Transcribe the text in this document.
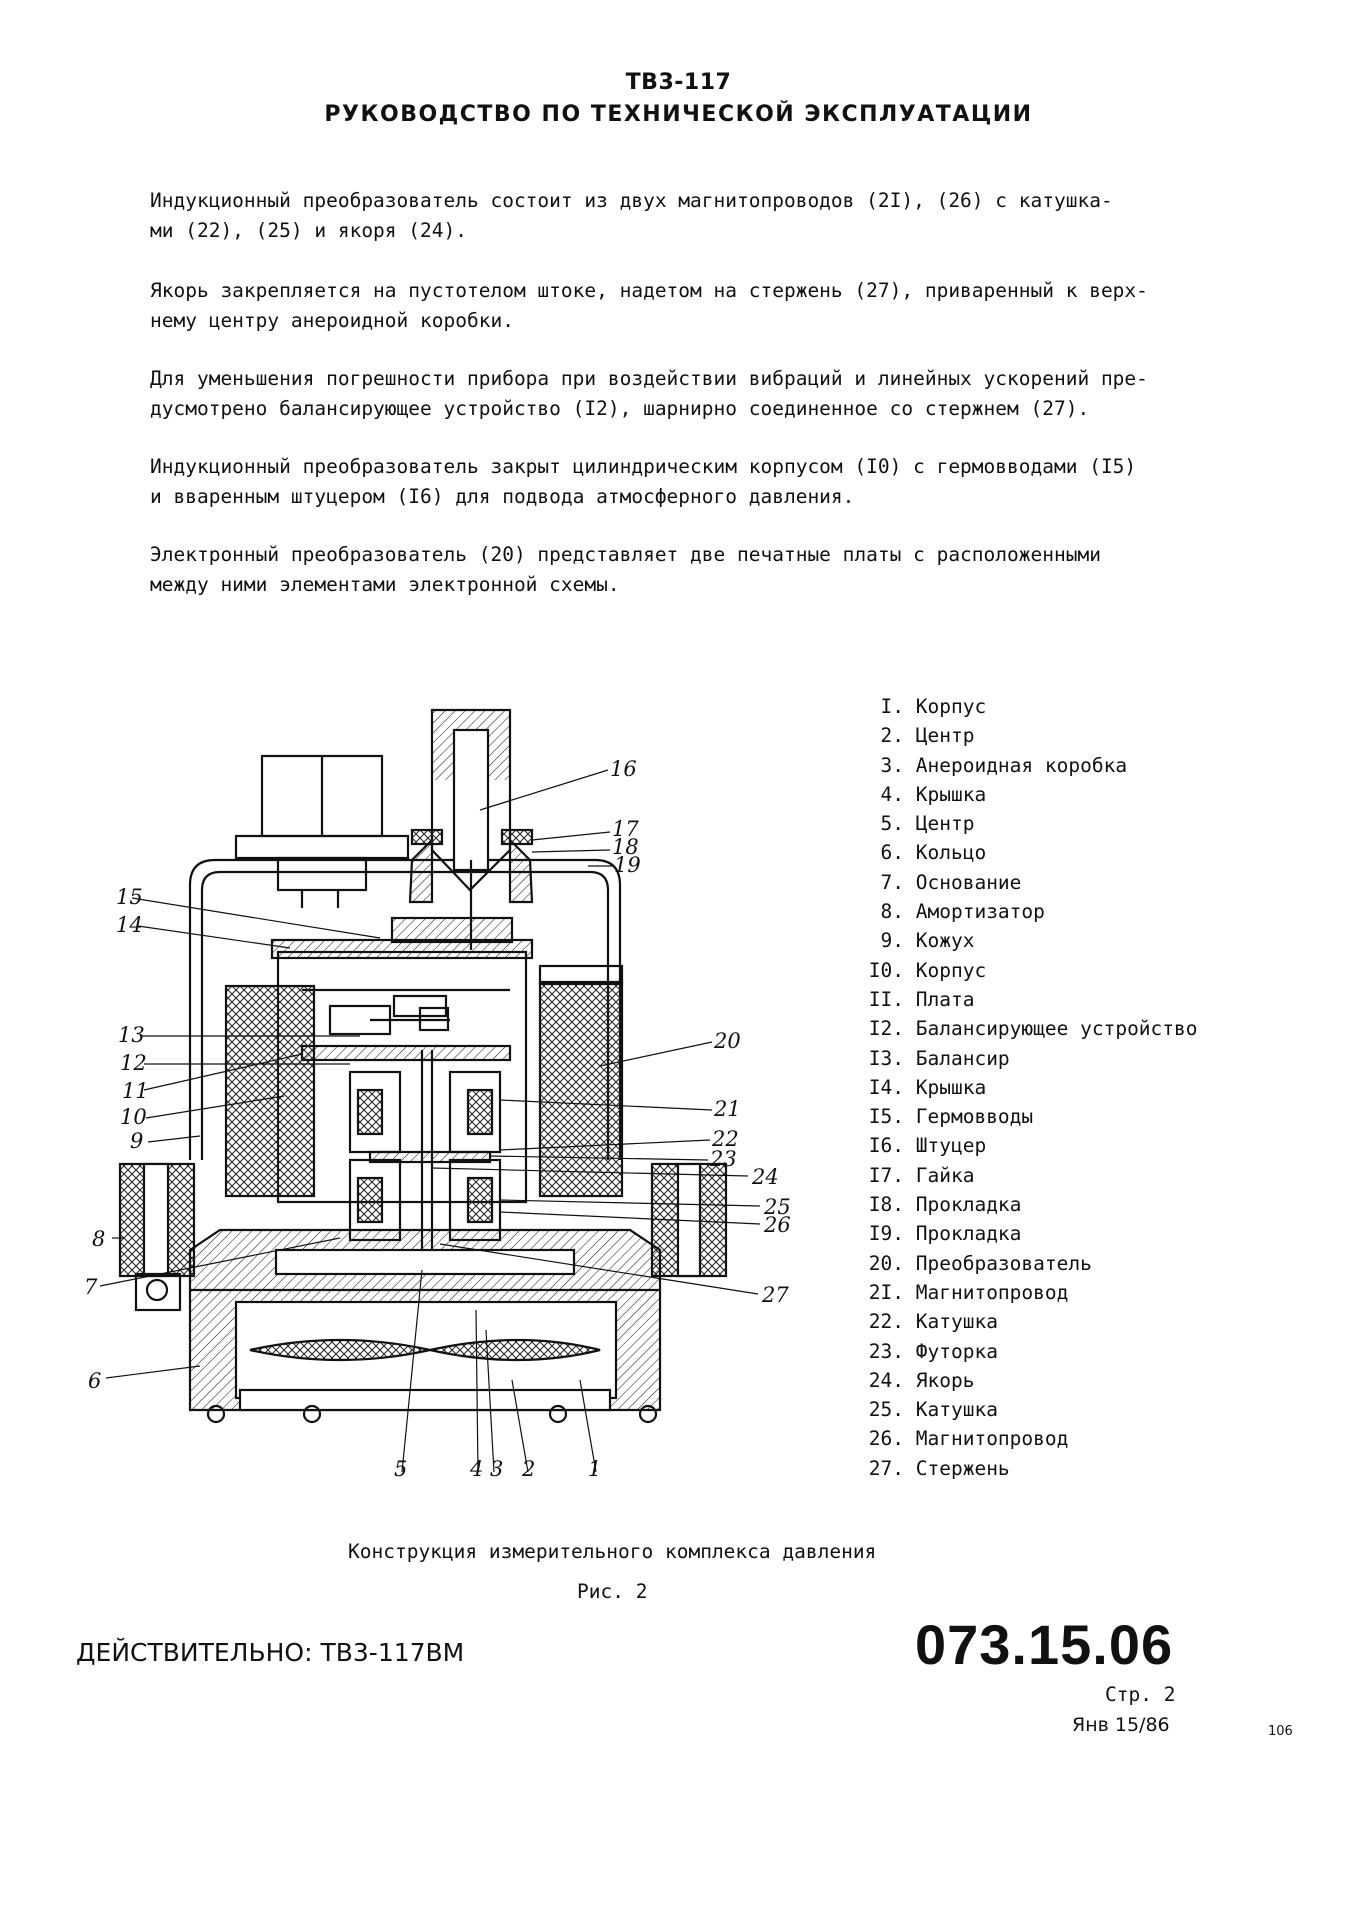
ТВ3-117
РУКОВОДСТВО ПО ТЕХНИЧЕСКОЙ ЭКСПЛУАТАЦИИ

Индукционный преобразователь состоит из двух магнитопроводов (2I), (26) с катушка-
ми (22), (25) и якоря (24).

Якорь закрепляется на пустотелом штоке, надетом на стержень (27), приваренный к верх-
нему центру анероидной коробки.

Для уменьшения погрешности прибора при воздействии вибраций и линейных ускорений пре-
дусмотрено балансирующее устройство (I2), шарнирно соединенное со стержнем (27).

Индукционный преобразователь закрыт цилиндрическим корпусом (I0) с гермовводами (I5)
и вваренным штуцером (I6) для подвода атмосферного давления.

Электронный преобразователь (20) представляет две печатные платы с расположенными
между ними элементами электронной схемы.

1
2
3
4
5
6
7
8
9
10
11
12
13
14
15
16
17
18
19
20
21
22
23
24
25
26
27
I. Корпус
2. Центр
3. Анероидная коробка
4. Крышка
5. Центр
6. Кольцо
7. Основание
8. Амортизатор
9. Кожух
I0. Корпус
II. Плата
I2. Балансирующее устройство
I3. Балансир
I4. Крышка
I5. Гермовводы
I6. Штуцер
I7. Гайка
I8. Прокладка
I9. Прокладка
20. Преобразователь
2I. Магнитопровод
22. Катушка
23. Футорка
24. Якорь
25. Катушка
26. Магнитопровод
27. Стержень
Конструкция измерительного комплекса давления
Рис. 2
ДЕЙСТВИТЕЛЬНО: ТВ3-117ВМ	073.15.06
Стр. 2
Янв 15/86	106
